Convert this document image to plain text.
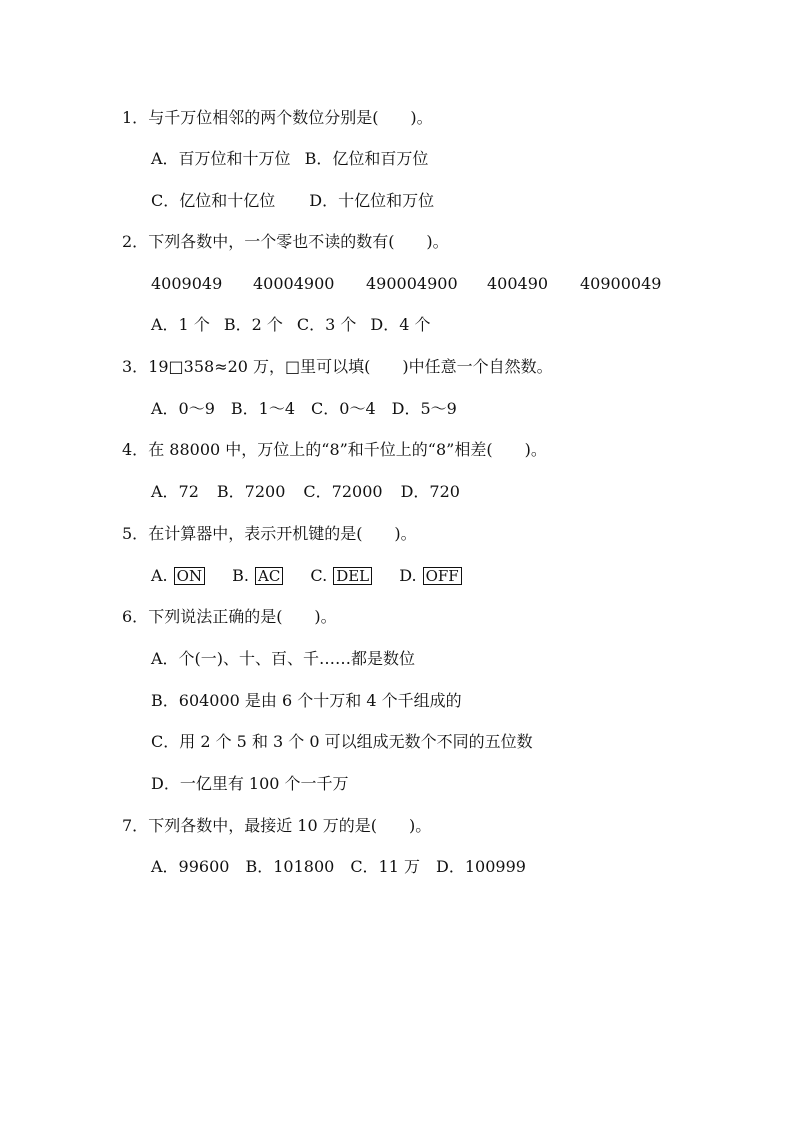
1．与千万位相邻的两个数位分别是(　　)。
A．百万位和十万位 B．亿位和百万位
C．亿位和十亿位 D．十亿位和万位
2．下列各数中，一个零也不读的数有(　　)。
4009049 40004900 490004900 400490 40900049
A．1 个 B．2 个 C．3 个 D．4 个
3．19□358≈20 万，□里可以填(　　)中任意一个自然数。
A．0～9 B．1～4 C．0～4 D．5～9
4．在 88000 中，万位上的“8”和千位上的“8”相差(　　)。
A．72 B．7200 C．72000 D．720
5．在计算器中，表示开机键的是(　　)。
A. ON B. AC C. DEL D. OFF
6．下列说法正确的是(　　)。
A．个(一)、十、百、千……都是数位
B．604000 是由 6 个十万和 4 个千组成的
C．用 2 个 5 和 3 个 0 可以组成无数个不同的五位数
D．一亿里有 100 个一千万
7．下列各数中，最接近 10 万的是(　　)。
A．99600 B．101800 C．11 万 D．100999
